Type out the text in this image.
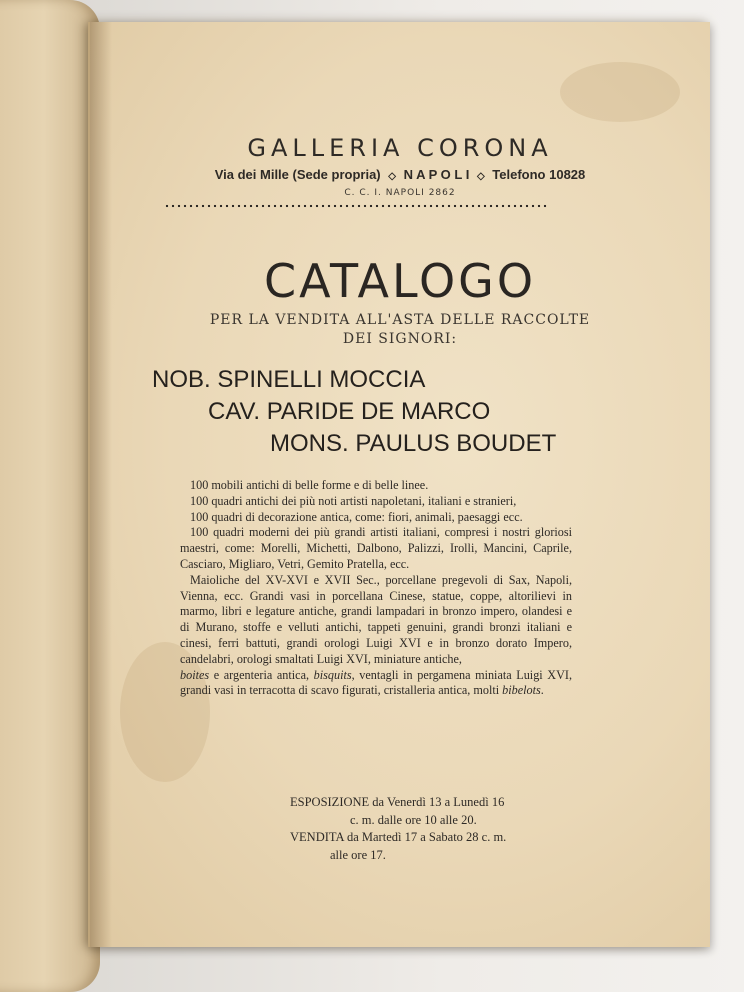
GALLERIA CORONA
Via dei Mille (Sede propria) ◇ N A P O L I ◇ Telefono 10828
C. C. I. NAPOLI 2862
CATALOGO
PER LA VENDITA ALL'ASTA DELLE RACCOLTE
DEI SIGNORI:
NOB. SPINELLI MOCCIA
CAV. PARIDE DE MARCO
MONS. PAULUS BOUDET

100 mobili antichi di belle forme e di belle linee.

100 quadri antichi dei più noti artisti napoletani, italiani e stranieri,

100 quadri di decorazione antica, come: fiori, animali, paesaggi ecc.

100 quadri moderni dei più grandi artisti italiani, compresi i nostri gloriosi maestri, come: Morelli, Michetti, Dalbono, Palizzi, Irolli, Mancini, Caprile, Casciaro, Migliaro, Vetri, Gemito Pratella, ecc.

Maioliche del XV-XVI e XVII Sec., porcellane pregevoli di Sax, Napoli, Vienna, ecc. Grandi vasi in porcellana Cinese, statue, coppe, altorilievi in marmo, libri e legature antiche, grandi lampadari in bronzo impero, olandesi e di Murano, stoffe e velluti antichi, tappeti genuini, grandi bronzi italiani e cinesi, ferri battuti, grandi orologi Luigi XVI e in bronzo dorato Impero, candelabri, orologi smaltati Luigi XVI, miniature antiche,

boites e argenteria antica, bisquits, ventagli in pergamena miniata Luigi XVI, grandi vasi in terracotta di scavo figurati, cristalleria antica, molti bibelots.

ESPOSIZIONE da Venerdì 13 a Lunedì 16
c. m. dalle ore 10 alle 20.
VENDITA da Martedì 17 a Sabato 28 c. m.
alle ore 17.
